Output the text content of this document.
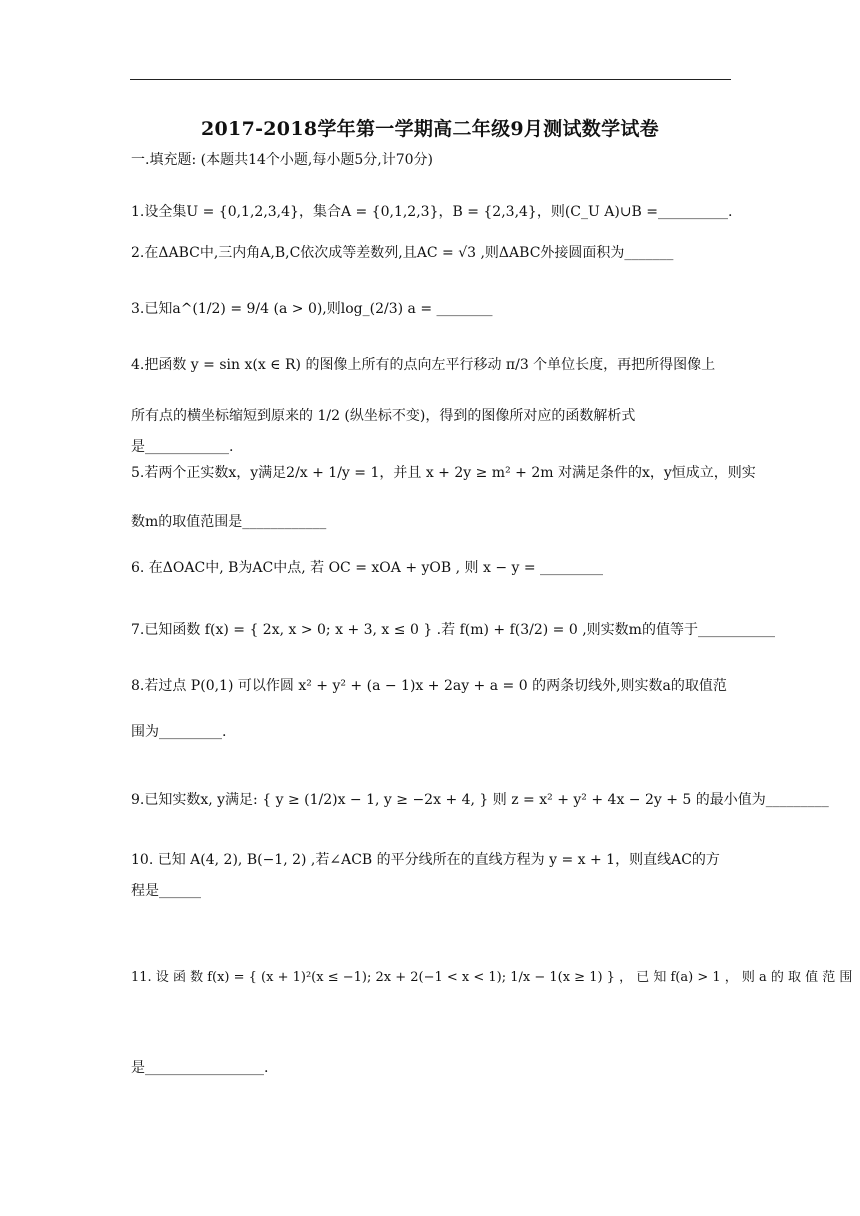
2017-2018学年第一学期高二年级9月测试数学试卷
一.填充题: (本题共14个小题,每小题5分,计70分)
1.设全集U = {0,1,2,3,4}，集合A = {0,1,2,3}，B = {2,3,4}，则(C_U A)∪B =__________.
2.在ΔABC中,三内角A,B,C依次成等差数列,且AC = √3 ,则ΔABC外接圆面积为_______
3.已知a^(1/2) = 9/4 (a > 0),则log_(2/3) a = ________
4.把函数 y = sin x(x ∈ R) 的图像上所有的点向左平行移动 π/3 个单位长度，再把所得图像上
所有点的横坐标缩短到原来的 1/2 (纵坐标不变)，得到的图像所对应的函数解析式
是____________.
5.若两个正实数x，y满足2/x + 1/y = 1，并且 x + 2y ≥ m² + 2m 对满足条件的x，y恒成立，则实
数m的取值范围是____________
6. 在ΔOAC中, B为AC中点, 若 OC = xOA + yOB , 则 x − y = _________
7.已知函数 f(x) = { 2x, x > 0; x + 3, x ≤ 0 } .若 f(m) + f(3/2) = 0 ,则实数m的值等于___________
8.若过点 P(0,1) 可以作圆 x² + y² + (a − 1)x + 2ay + a = 0 的两条切线外,则实数a的取值范
围为_________.
9.已知实数x, y满足: { y ≥ (1/2)x − 1, y ≥ −2x + 4, } 则 z = x² + y² + 4x − 2y + 5 的最小值为_________
10. 已知 A(4, 2), B(−1, 2) ,若∠ACB 的平分线所在的直线方程为 y = x + 1，则直线AC的方
程是______
11. 设 函 数 f(x) = { (x + 1)²(x ≤ −1); 2x + 2(−1 < x < 1); 1/x − 1(x ≥ 1) } ， 已 知 f(a) > 1 ， 则 a 的 取 值 范 围
是_________________.
